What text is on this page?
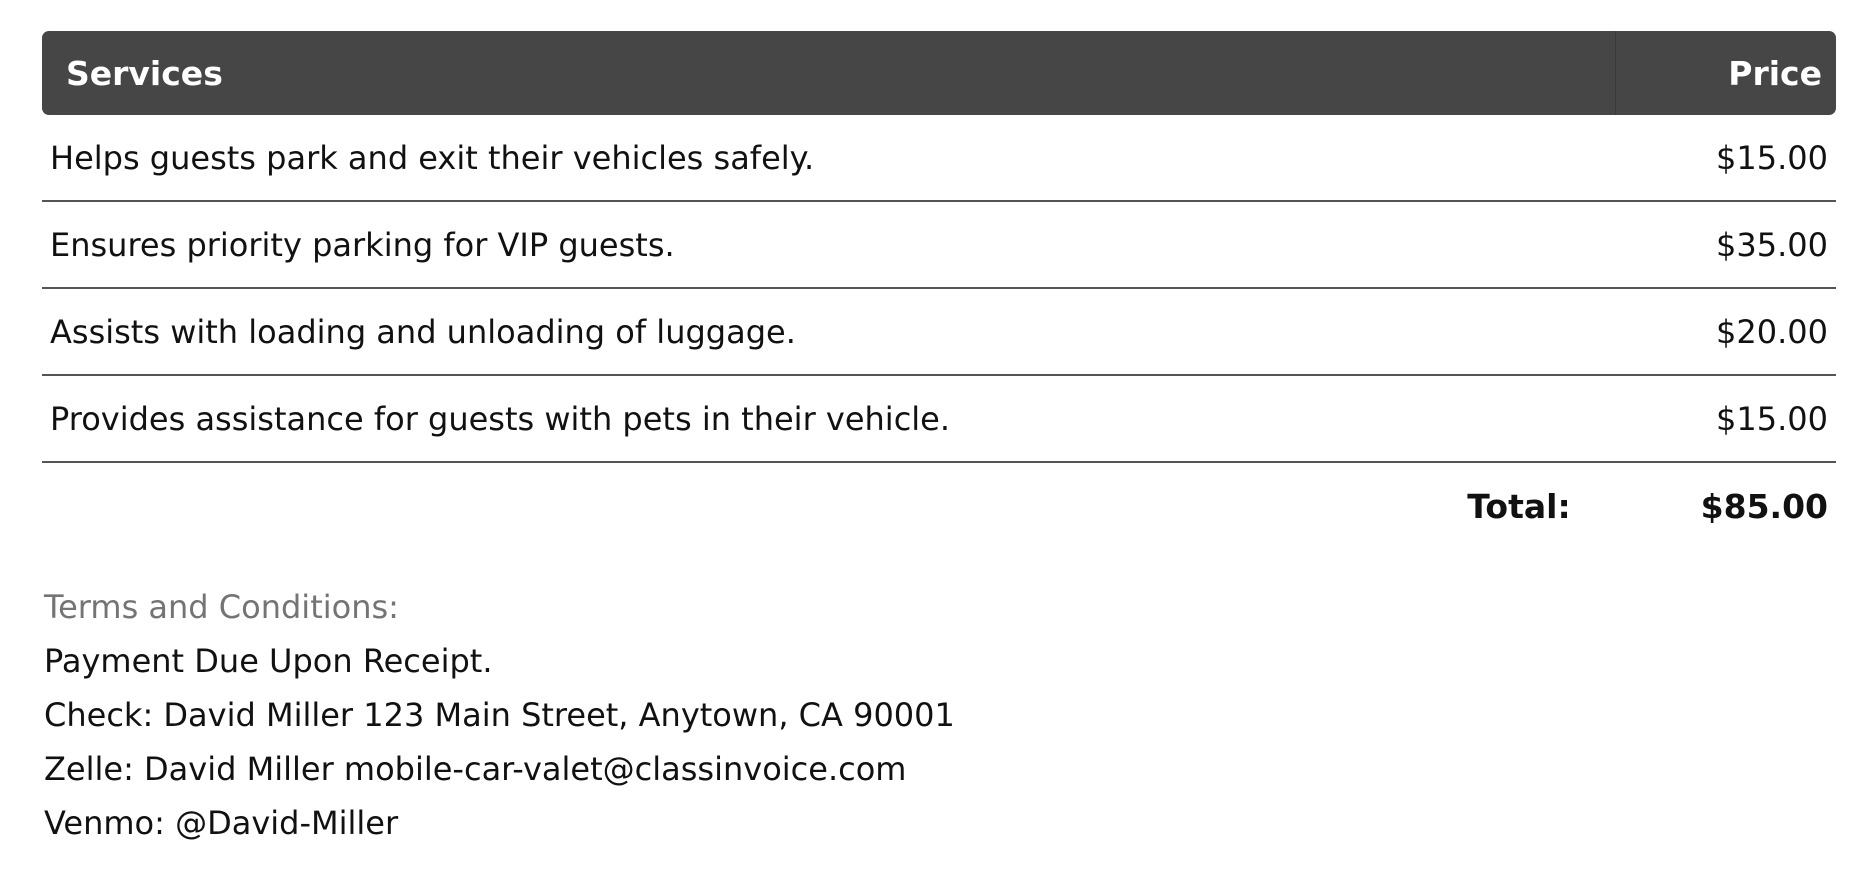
Services	Price
Helps guests park and exit their vehicles safely.	$15.00
Ensures priority parking for VIP guests.	$35.00
Assists with loading and unloading of luggage.	$20.00
Provides assistance for guests with pets in their vehicle.	$15.00
Total:	$85.00
Terms and Conditions:
Payment Due Upon Receipt.
Check: David Miller 123 Main Street, Anytown, CA 90001
Zelle: David Miller mobile-car-valet@classinvoice.com
Venmo: @David-Miller
